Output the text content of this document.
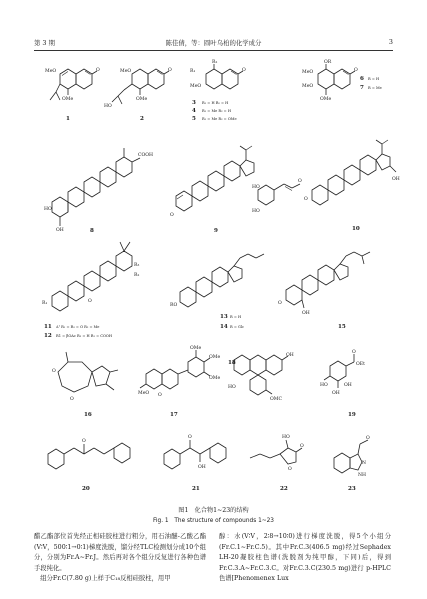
第 3 期	陈佳倩，等：圆叶乌桕的化学成分	3
MeO	O
OMe
1
MeO	O
HO
OMe
2
R₁
R₂
MeO
O
3 R₁ = H R₂ = H
4 R₁ = Me R₂ = H
5 R₁ = Me R₂ = OMe
OR
MeO
MeO
OMe
O
6 R = H
7 R = Me
HO
OH
COOH
8
O
9
HO
HO
O
O
OH
10
R₁	O
R₃
R₂
11 Δ¹ R₁ = R₂ = O R₃ = Me
12 R1 = βOAc R₂ = H R₃ = COOH
RO
13 R = H
14 R = Glc
O
OH
15
O
O
16
OMe
OMe
OMe
MeO O
17
OH
OMC
HO
18	OEt
O
HO
OH
OH
19
O
20
O
OH
21
HO
O
O
22
O
NH
N
23
图1　化合物1~23的结构
Fig. 1　The structure of compounds 1~23

醋乙酯部位首先经正相硅胶柱进行粗分，用石油醚-乙酸乙酯(V∶V，500∶1→0∶1)梯度洗脱，馏分经TLC检测划分成10个组分，分别为Fr.A~Fr.J。然后再对各个组分反复进行各种色谱手段纯化。
　组分Fr.C(7.80 g)上样于C₁₈反相硅胶柱，用甲

醇：水(V∶V，2∶8→10∶0)进行梯度洗脱，得5个小组分(Fr.C.1~Fr.C.5)。其中Fr.C.3(406.5 mg)经过Sephadex LH-20凝胶柱色谱(洗脱剂为纯甲醇，下同)后，得到Fr.C.3.A~Fr.C.3.C。对Fr.C.3.C(230.5 mg)进行 p-HPLC 色谱[Phenomenex Lux
